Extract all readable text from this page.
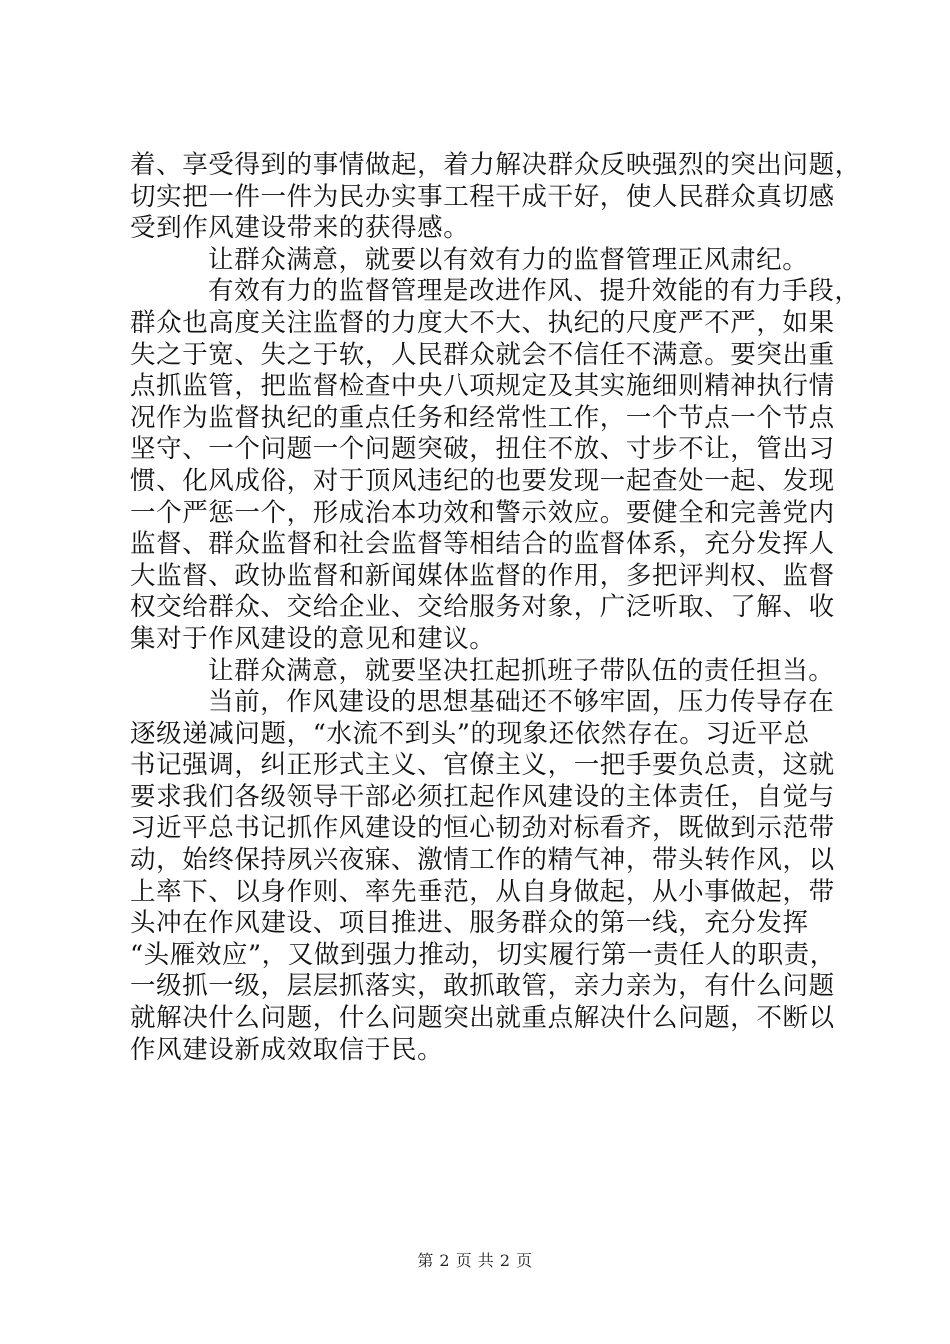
着、享受得到的事情做起，着力解决群众反映强烈的突出问题，
切实把一件一件为民办实事工程干成干好，使人民群众真切感
受到作风建设带来的获得感。
让群众满意，就要以有效有力的监督管理正风肃纪。
有效有力的监督管理是改进作风、提升效能的有力手段，
群众也高度关注监督的力度大不大、执纪的尺度严不严，如果
失之于宽、失之于软，人民群众就会不信任不满意。要突出重
点抓监管，把监督检查中央八项规定及其实施细则精神执行情
况作为监督执纪的重点任务和经常性工作，一个节点一个节点
坚守、一个问题一个问题突破，扭住不放、寸步不让，管出习
惯、化风成俗，对于顶风违纪的也要发现一起查处一起、发现
一个严惩一个，形成治本功效和警示效应。要健全和完善党内
监督、群众监督和社会监督等相结合的监督体系，充分发挥人
大监督、政协监督和新闻媒体监督的作用，多把评判权、监督
权交给群众、交给企业、交给服务对象，广泛听取、了解、收
集对于作风建设的意见和建议。
让群众满意，就要坚决扛起抓班子带队伍的责任担当。
当前，作风建设的思想基础还不够牢固，压力传导存在
逐级递减问题，“水流不到头”的现象还依然存在。习近平总
书记强调，纠正形式主义、官僚主义，一把手要负总责，这就
要求我们各级领导干部必须扛起作风建设的主体责任，自觉与
习近平总书记抓作风建设的恒心韧劲对标看齐，既做到示范带
动，始终保持夙兴夜寐、激情工作的精气神，带头转作风，以
上率下、以身作则、率先垂范，从自身做起，从小事做起，带
头冲在作风建设、项目推进、服务群众的第一线，充分发挥
“头雁效应”，又做到强力推动，切实履行第一责任人的职责，
一级抓一级，层层抓落实，敢抓敢管，亲力亲为，有什么问题
就解决什么问题，什么问题突出就重点解决什么问题，不断以
作风建设新成效取信于民。
第 2 页 共 2 页
